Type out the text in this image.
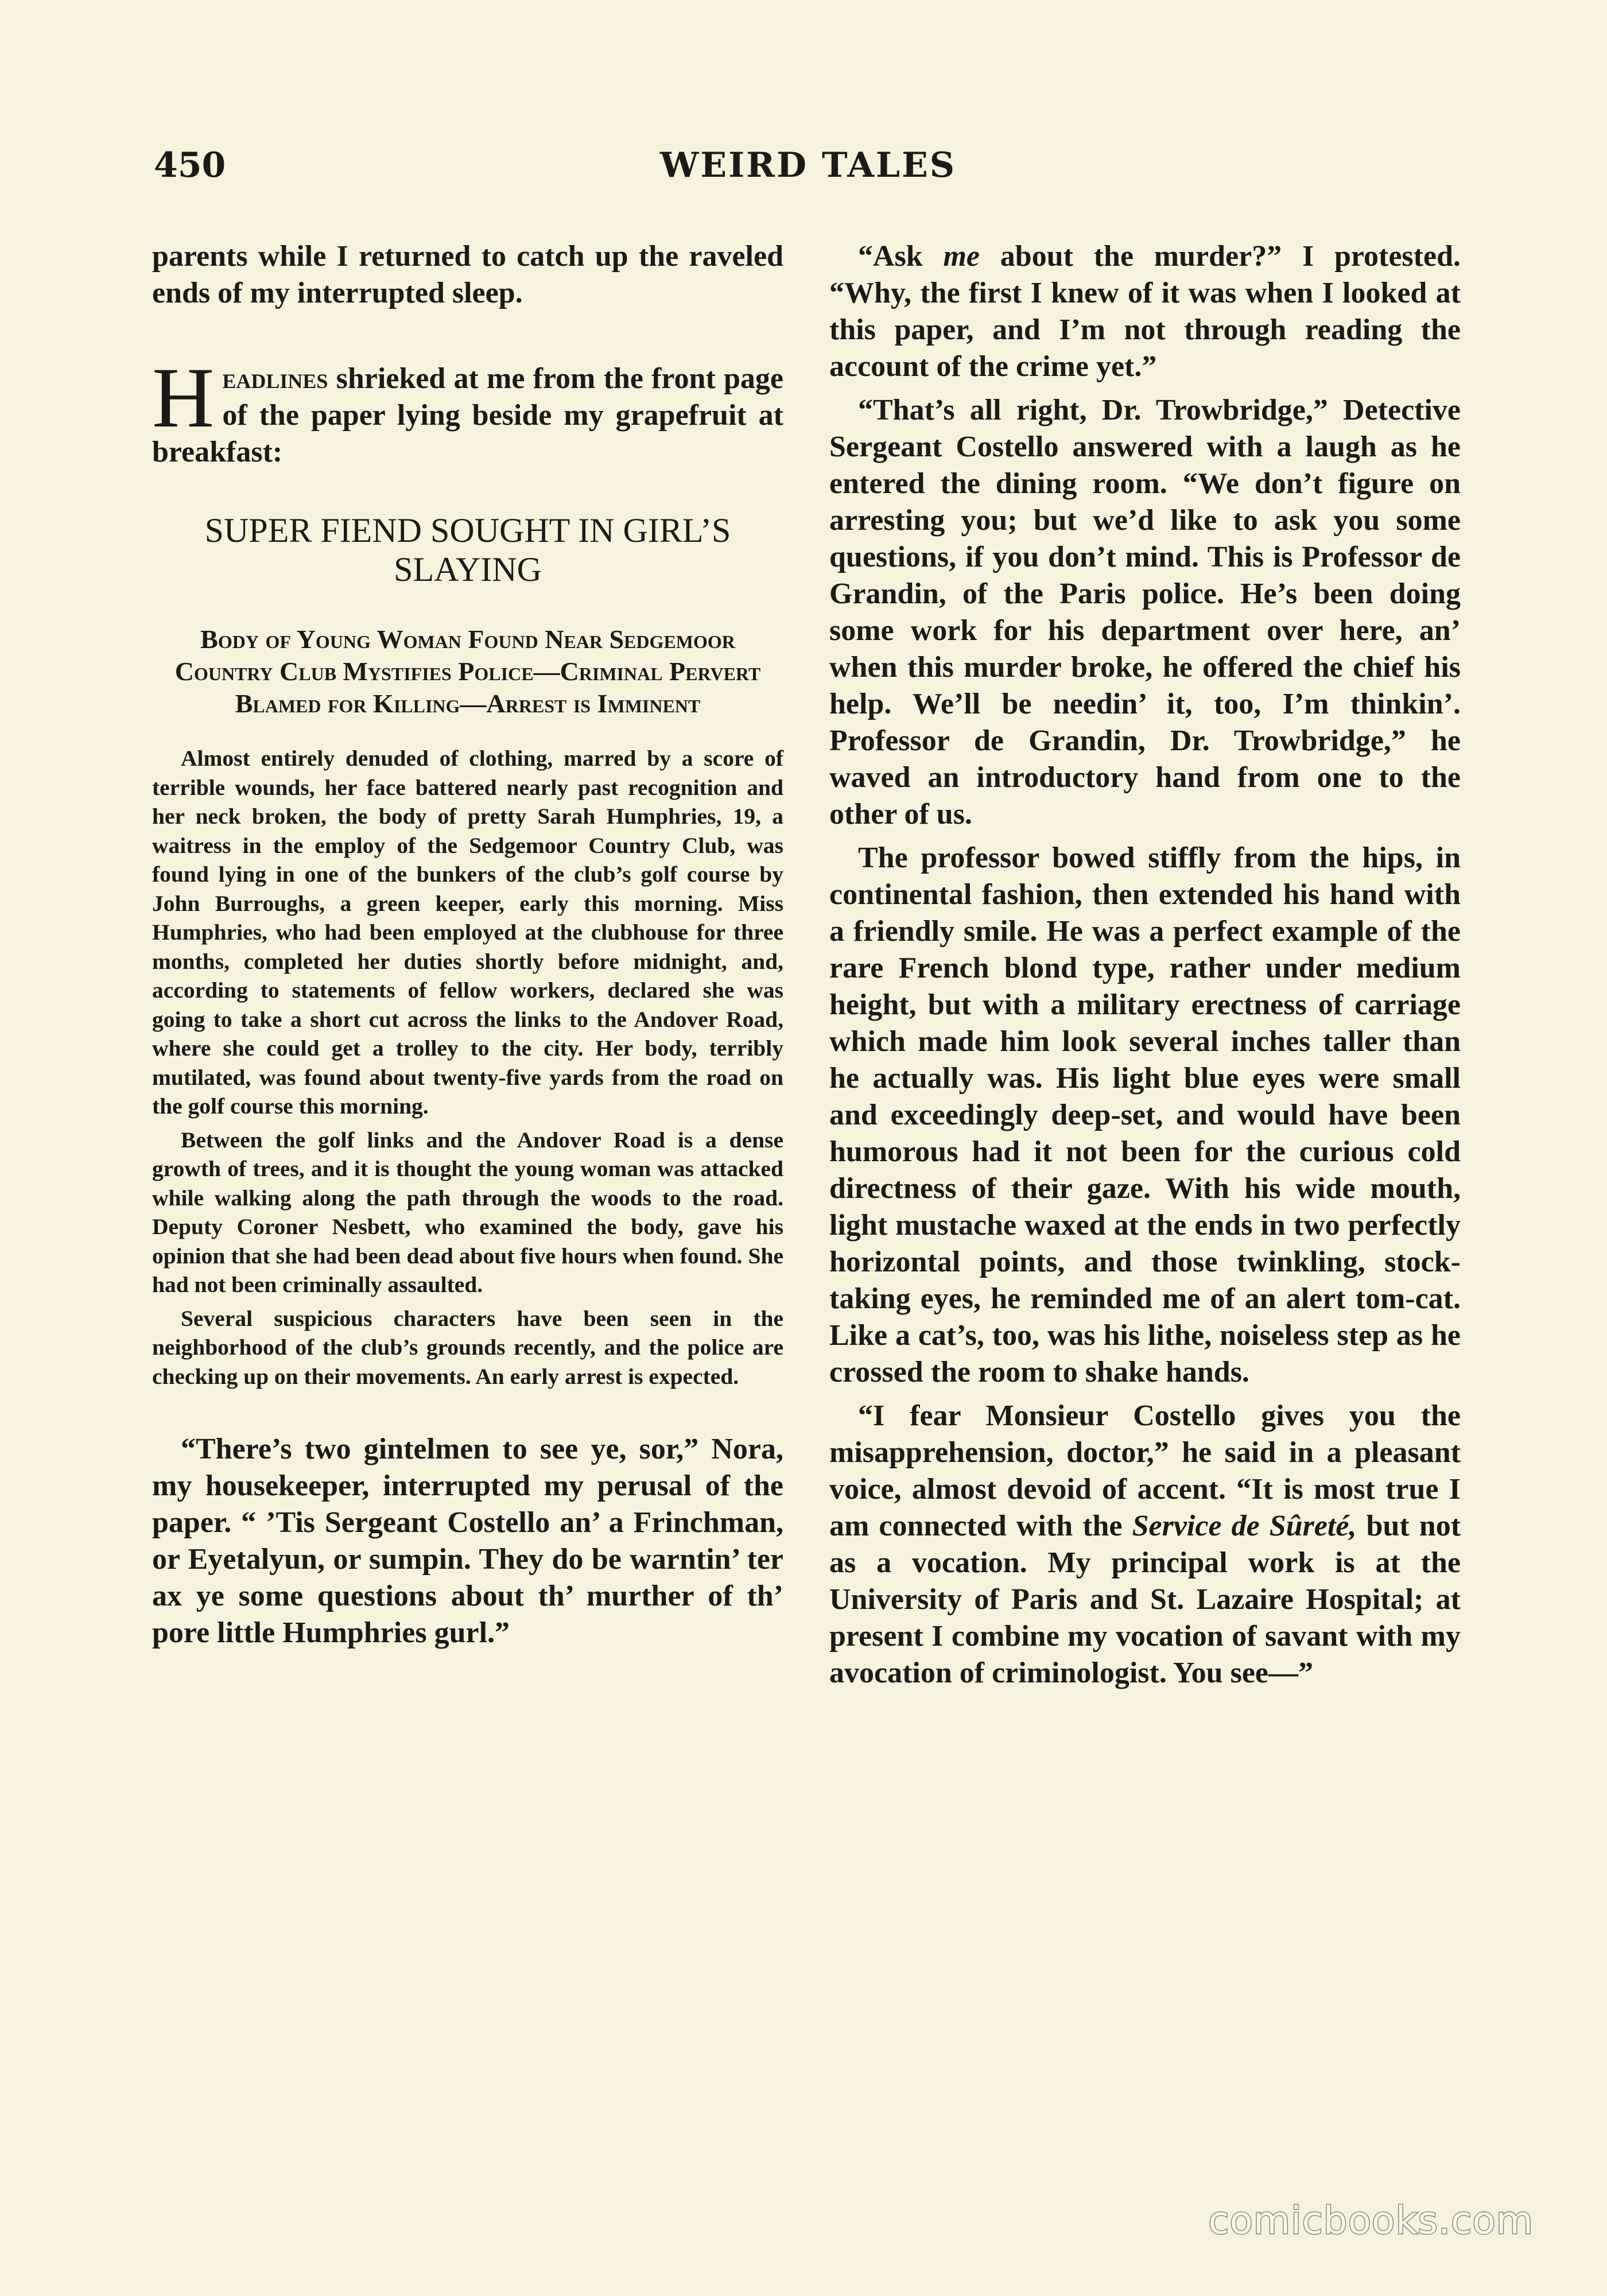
450	WEIRD TALES

parents while I returned to catch up the raveled ends of my interrupted sleep.

Headlines shrieked at me from the front page of the paper lying beside my grapefruit at breakfast:

SUPER FIEND SOUGHT IN GIRL’S SLAYING
Body of Young Woman Found Near Sedgemoor Country Club Mystifies Police—Criminal Pervert Blamed for Killing—Arrest is Imminent

Almost entirely denuded of clothing, marred by a score of terrible wounds, her face battered nearly past recognition and her neck broken, the body of pretty Sarah Humphries, 19, a waitress in the employ of the Sedgemoor Country Club, was found lying in one of the bunkers of the club’s golf course by John Burroughs, a green keeper, early this morning. Miss Humphries, who had been employed at the clubhouse for three months, completed her duties shortly before midnight, and, according to statements of fellow workers, declared she was going to take a short cut across the links to the Andover Road, where she could get a trolley to the city. Her body, terribly mutilated, was found about twenty-five yards from the road on the golf course this morning.

Between the golf links and the Andover Road is a dense growth of trees, and it is thought the young woman was attacked while walking along the path through the woods to the road. Deputy Coroner Nesbett, who examined the body, gave his opinion that she had been dead about five hours when found. She had not been criminally assaulted.

Several suspicious characters have been seen in the neighborhood of the club’s grounds recently, and the police are checking up on their movements. An early arrest is expected.

“There’s two gintelmen to see ye, sor,” Nora, my housekeeper, interrupted my perusal of the paper. “ ’Tis Sergeant Costello an’ a Frinchman, or Eyetalyun, or sumpin. They do be warntin’ ter ax ye some questions about th’ murther of th’ pore little Humphries gurl.”

“Ask me about the murder?” I protested. “Why, the first I knew of it was when I looked at this paper, and I’m not through reading the account of the crime yet.”

“That’s all right, Dr. Trowbridge,” Detective Sergeant Costello answered with a laugh as he entered the dining room. “We don’t figure on arresting you; but we’d like to ask you some questions, if you don’t mind. This is Professor de Grandin, of the Paris police. He’s been doing some work for his department over here, an’ when this murder broke, he offered the chief his help. We’ll be needin’ it, too, I’m thinkin’. Professor de Grandin, Dr. Trowbridge,” he waved an introductory hand from one to the other of us.

The professor bowed stiffly from the hips, in continental fashion, then extended his hand with a friendly smile. He was a perfect example of the rare French blond type, rather under medium height, but with a military erectness of carriage which made him look several inches taller than he actually was. His light blue eyes were small and exceedingly deep-set, and would have been humorous had it not been for the curious cold directness of their gaze. With his wide mouth, light mustache waxed at the ends in two perfectly horizontal points, and those twinkling, stock-taking eyes, he reminded me of an alert tom-cat. Like a cat’s, too, was his lithe, noiseless step as he crossed the room to shake hands.

“I fear Monsieur Costello gives you the misapprehension, doctor,” he said in a pleasant voice, almost devoid of accent. “It is most true I am connected with the Service de Sûreté, but not as a vocation. My principal work is at the University of Paris and St. Lazaire Hospital; at present I combine my vocation of savant with my avocation of criminologist. You see—”

comicbooks.com
